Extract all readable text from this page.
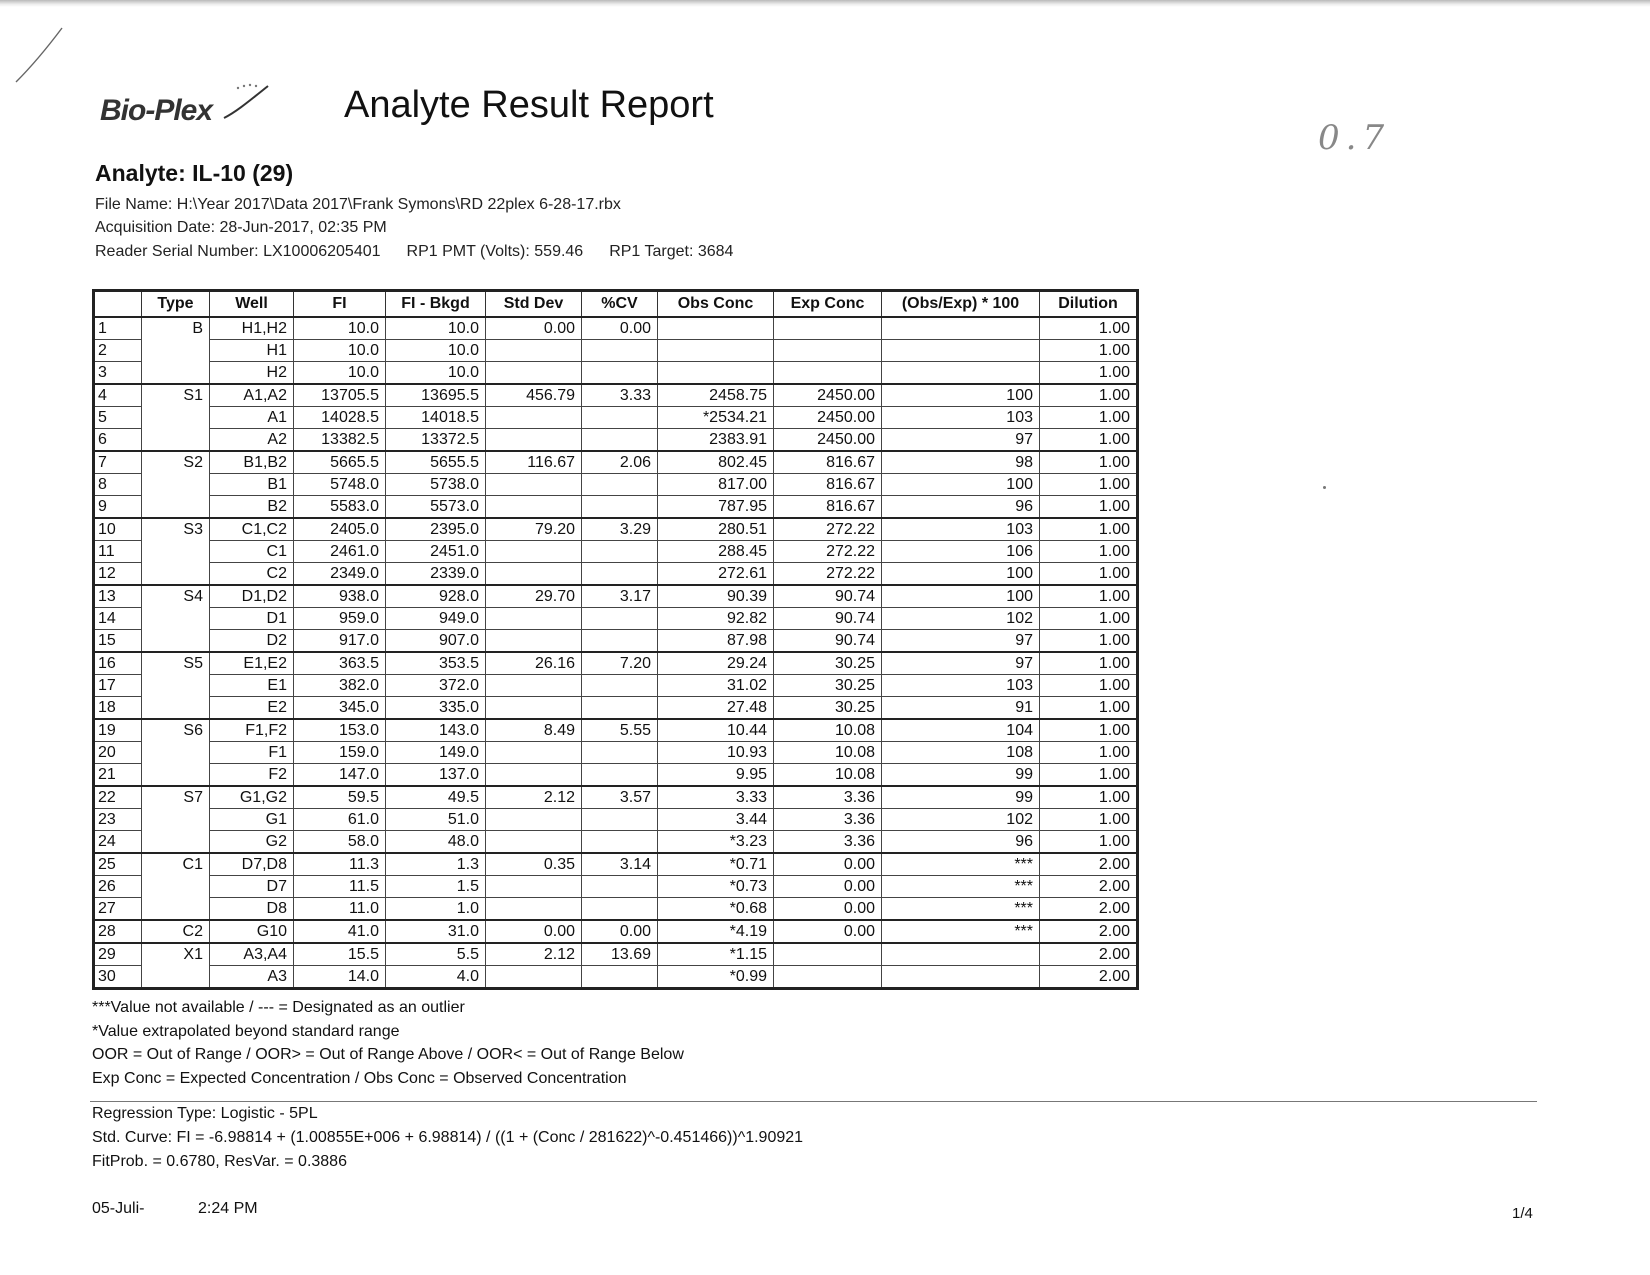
Bio-Plex	Analyte Result Report
0.7
Analyte: IL-10 (29)
File Name: H:\Year 2017\Data 2017\Frank Symons\RD 22plex 6-28-17.rbx
Acquisition Date: 28-Jun-2017, 02:35 PM
Reader Serial Number: LX10006205401 RP1 PMT (Volts): 559.46 RP1 Target: 3684
	Type	Well	FI	FI - Bkgd	Std Dev	%CV	Obs Conc	Exp Conc	(Obs/Exp) * 100	Dilution
1	B	H1,H2	10.0	10.0	0.00	0.00				1.00
2		H1	10.0	10.0						1.00
3		H2	10.0	10.0						1.00
4	S1	A1,A2	13705.5	13695.5	456.79	3.33	2458.75	2450.00	100	1.00
5		A1	14028.5	14018.5			*2534.21	2450.00	103	1.00
6		A2	13382.5	13372.5			2383.91	2450.00	97	1.00
7	S2	B1,B2	5665.5	5655.5	116.67	2.06	802.45	816.67	98	1.00
8		B1	5748.0	5738.0			817.00	816.67	100	1.00
9		B2	5583.0	5573.0			787.95	816.67	96	1.00
10	S3	C1,C2	2405.0	2395.0	79.20	3.29	280.51	272.22	103	1.00
11		C1	2461.0	2451.0			288.45	272.22	106	1.00
12		C2	2349.0	2339.0			272.61	272.22	100	1.00
13	S4	D1,D2	938.0	928.0	29.70	3.17	90.39	90.74	100	1.00
14		D1	959.0	949.0			92.82	90.74	102	1.00
15		D2	917.0	907.0			87.98	90.74	97	1.00
16	S5	E1,E2	363.5	353.5	26.16	7.20	29.24	30.25	97	1.00
17		E1	382.0	372.0			31.02	30.25	103	1.00
18		E2	345.0	335.0			27.48	30.25	91	1.00
19	S6	F1,F2	153.0	143.0	8.49	5.55	10.44	10.08	104	1.00
20		F1	159.0	149.0			10.93	10.08	108	1.00
21		F2	147.0	137.0			9.95	10.08	99	1.00
22	S7	G1,G2	59.5	49.5	2.12	3.57	3.33	3.36	99	1.00
23		G1	61.0	51.0			3.44	3.36	102	1.00
24		G2	58.0	48.0			*3.23	3.36	96	1.00
25	C1	D7,D8	11.3	1.3	0.35	3.14	*0.71	0.00	***	2.00
26		D7	11.5	1.5			*0.73	0.00	***	2.00
27		D8	11.0	1.0			*0.68	0.00	***	2.00
28	C2	G10	41.0	31.0	0.00	0.00	*4.19	0.00	***	2.00
29	X1	A3,A4	15.5	5.5	2.12	13.69	*1.15			2.00
30		A3	14.0	4.0			*0.99			2.00
***Value not available / --- = Designated as an outlier
*Value extrapolated beyond standard range
OOR = Out of Range / OOR> = Out of Range Above / OOR< = Out of Range Below
Exp Conc = Expected Concentration / Obs Conc = Observed Concentration
Regression Type: Logistic - 5PL
Std. Curve: FI = -6.98814 + (1.00855E+006 + 6.98814) / ((1 + (Conc / 281622)^-0.451466))^1.90921
FitProb. = 0.6780, ResVar. = 0.3886
05-Juli-	2:24 PM	1/4
